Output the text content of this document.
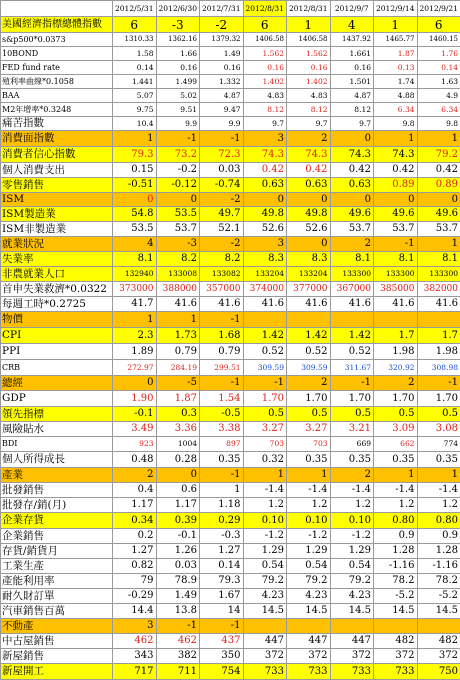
	2012/5/31	2012/6/30	2012/7/31	2012/8/31	2012/8/31	2012/9/7	2012/9/14	2012/9/21
美國經濟指標總體指數	6	-3	-2	6	1	4	1	6
s&p500*0.0373	1310.33	1362.16	1379.32	1406.58	1406.58	1437.92	1465.77	1460.15
10BOND	1.58	1.66	1.49	1.562	1.562	1.661	1.87	1.76
FED fund rate	0.14	0.16	0.16	0.16	0.16	0.16	0.13	0.14
殖利率曲線*0.1058	1.441	1.499	1.332	1.402	1.402	1.501	1.74	1.63
BAA	5.07	5.02	4.87	4.83	4.83	4.87	4.88	4.9
M2年增率*0.3248	9.75	9.51	9.47	8.12	8.12	8.12	6.34	6.34
痛苦指數	10.4	9.9	9.9	9.7	9.7	9.7	9.8	9.8
消費面指數	1	-1	-1	3	2	0	1	1
消費者信心指數	79.3	73.2	72.3	74.3	74.3	74.3	74.3	79.2
個人消費支出	0.15	-0.2	0.03	0.42	0.42	0.42	0.42	0.42
零售銷售	-0.51	-0.12	-0.74	0.63	0.63	0.63	0.89	0.89
ISM	0	0	-2	0	0	0	0	0
ISM製造業	54.8	53.5	49.7	49.8	49.8	49.6	49.6	49.6
ISM非製造業	53.5	53.7	52.1	52.6	52.6	53.7	53.7	53.7
就業狀況	4	-3	-2	3	0	2	-1	1
失業率	8.1	8.2	8.2	8.3	8.3	8.1	8.1	8.1
非農就業人口	132940	133008	133082	133204	133204	133300	133300	133300
首申失業救濟*0.0322	373000	388000	357000	374000	377000	367000	385000	382000
每週工時*0.2725	41.7	41.6	41.6	41.6	41.6	41.6	41.6	41.6
物價	1	1	-1					
CPI	2.3	1.73	1.68	1.42	1.42	1.42	1.7	1.7
PPI	1.89	0.79	0.79	0.52	0.52	0.52	1.98	1.98
CRB	272.97	284.19	299.51	309.59	309.59	311.67	320.92	308.98
總經	0	-5	-1	-1	2	-1	2	-1
GDP	1.90	1.87	1.54	1.70	1.70	1.70	1.70	1.70
領先指標	-0.1	0.3	-0.5	0.5	0.5	0.5	0.5	0.5
風險貼水	3.49	3.36	3.38	3.27	3.27	3.21	3.09	3.08
BDI	923	1004	897	703	703	669	662	774
個人所得成長	0.48	0.28	0.35	0.32	0.35	0.35	0.35	0.35
產業	2	0	-1	1	1	2	1	1
批發銷售	0.4	0.6	1	-1.4	-1.4	-1.4	-1.4	-1.4
批發存/銷(月)	1.17	1.17	1.18	1.2	1.2	1.2	1.2	1.2
企業存貨	0.34	0.39	0.29	0.10	0.10	0.10	0.80	0.80
企業銷售	0.2	-0.1	-0.3	-1.2	-1.2	-1.2	0.9	0.9
存貨/銷貨月	1.27	1.26	1.27	1.29	1.29	1.29	1.28	1.28
工業生產	0.82	0.03	0.14	0.54	0.54	0.54	-1.16	-1.16
產能利用率	79	78.9	79.3	79.2	79.2	79.2	78.2	78.2
耐久財訂單	-0.29	1.49	1.67	4.23	4.23	4.23	-5.2	-5.2
汽車銷售百萬	14.4	13.8	14	14.5	14.5	14.5	14.5	14.5
不動產	3	-1	-1					
中古屋銷售	462	462	437	447	447	447	482	482
新屋銷售	343	382	350	372	372	372	372	372
新屋開工	717	711	754	733	733	733	733	750
